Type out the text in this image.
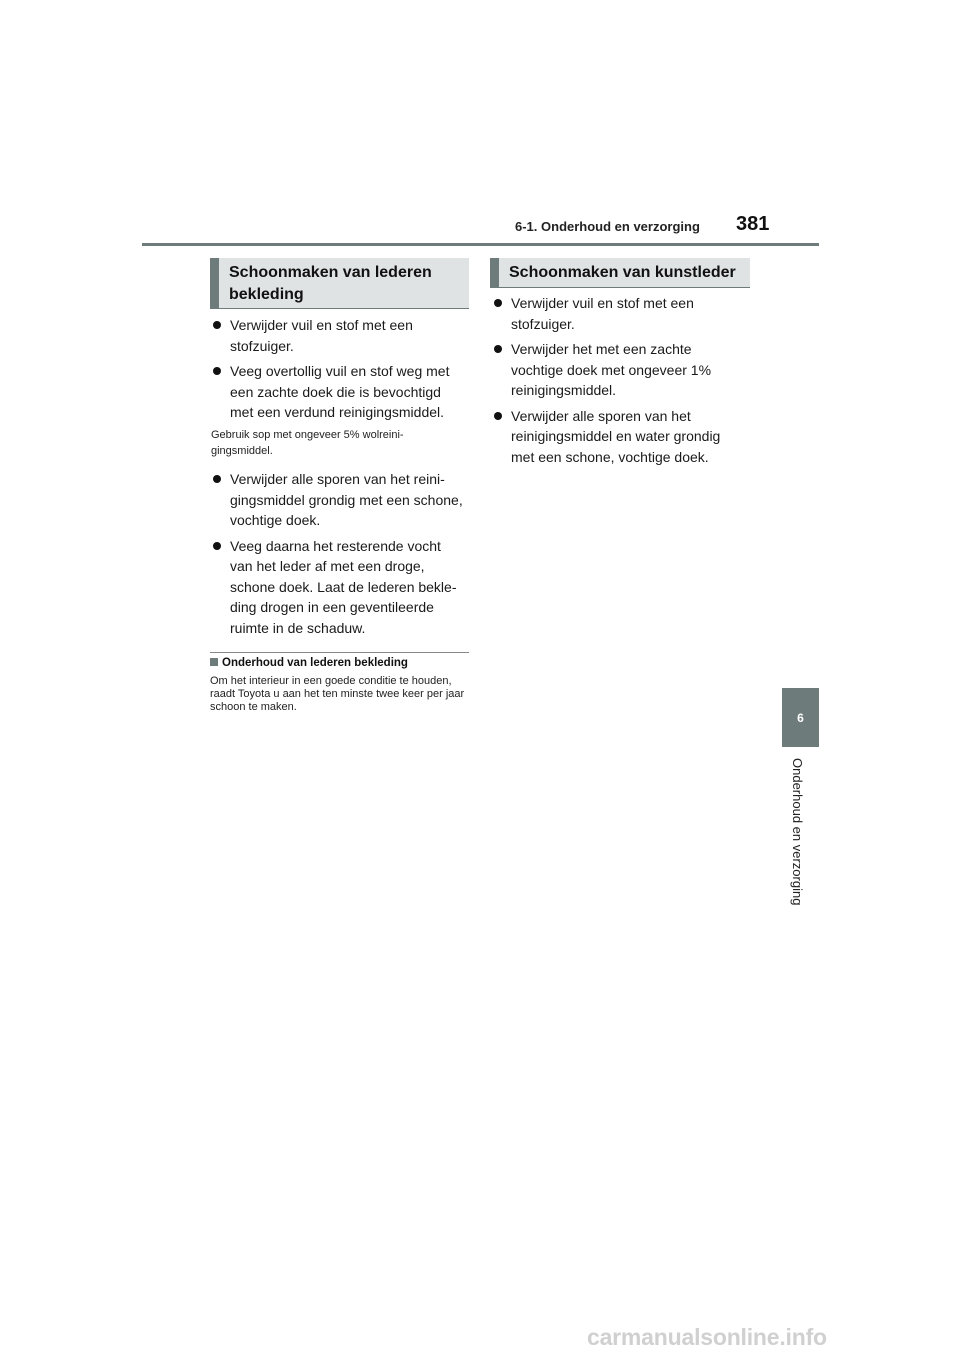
6-1. Onderhoud en verzorging 381
6
Onderhoud en verzorging
Schoonmaken van lederen
bekleding
Verwijder vuil en stof met een stofzuiger.
Veeg overtollig vuil en stof weg met een zachte doek die is bevochtigd met een verdund reinigingsmiddel.
Gebruik sop met ongeveer 5% wolreini-
gingsmiddel.
Verwijder alle sporen van het reini- gingsmiddel grondig met een schone, vochtige doek.
Veeg daarna het resterende vocht van het leder af met een droge, schone doek. Laat de lederen bekle- ding drogen in een geventileerde ruimte in de schaduw.
Onderhoud van lederen bekleding
Om het interieur in een goede conditie te houden, raadt Toyota u aan het ten minste twee keer per jaar schoon te maken.
Schoonmaken van kunstleder
Verwijder vuil en stof met een stofzuiger.
Verwijder het met een zachte vochtige doek met ongeveer 1% reinigingsmiddel.
Verwijder alle sporen van het reinigingsmiddel en water grondig met een schone, vochtige doek.
carmanualsonline.info
